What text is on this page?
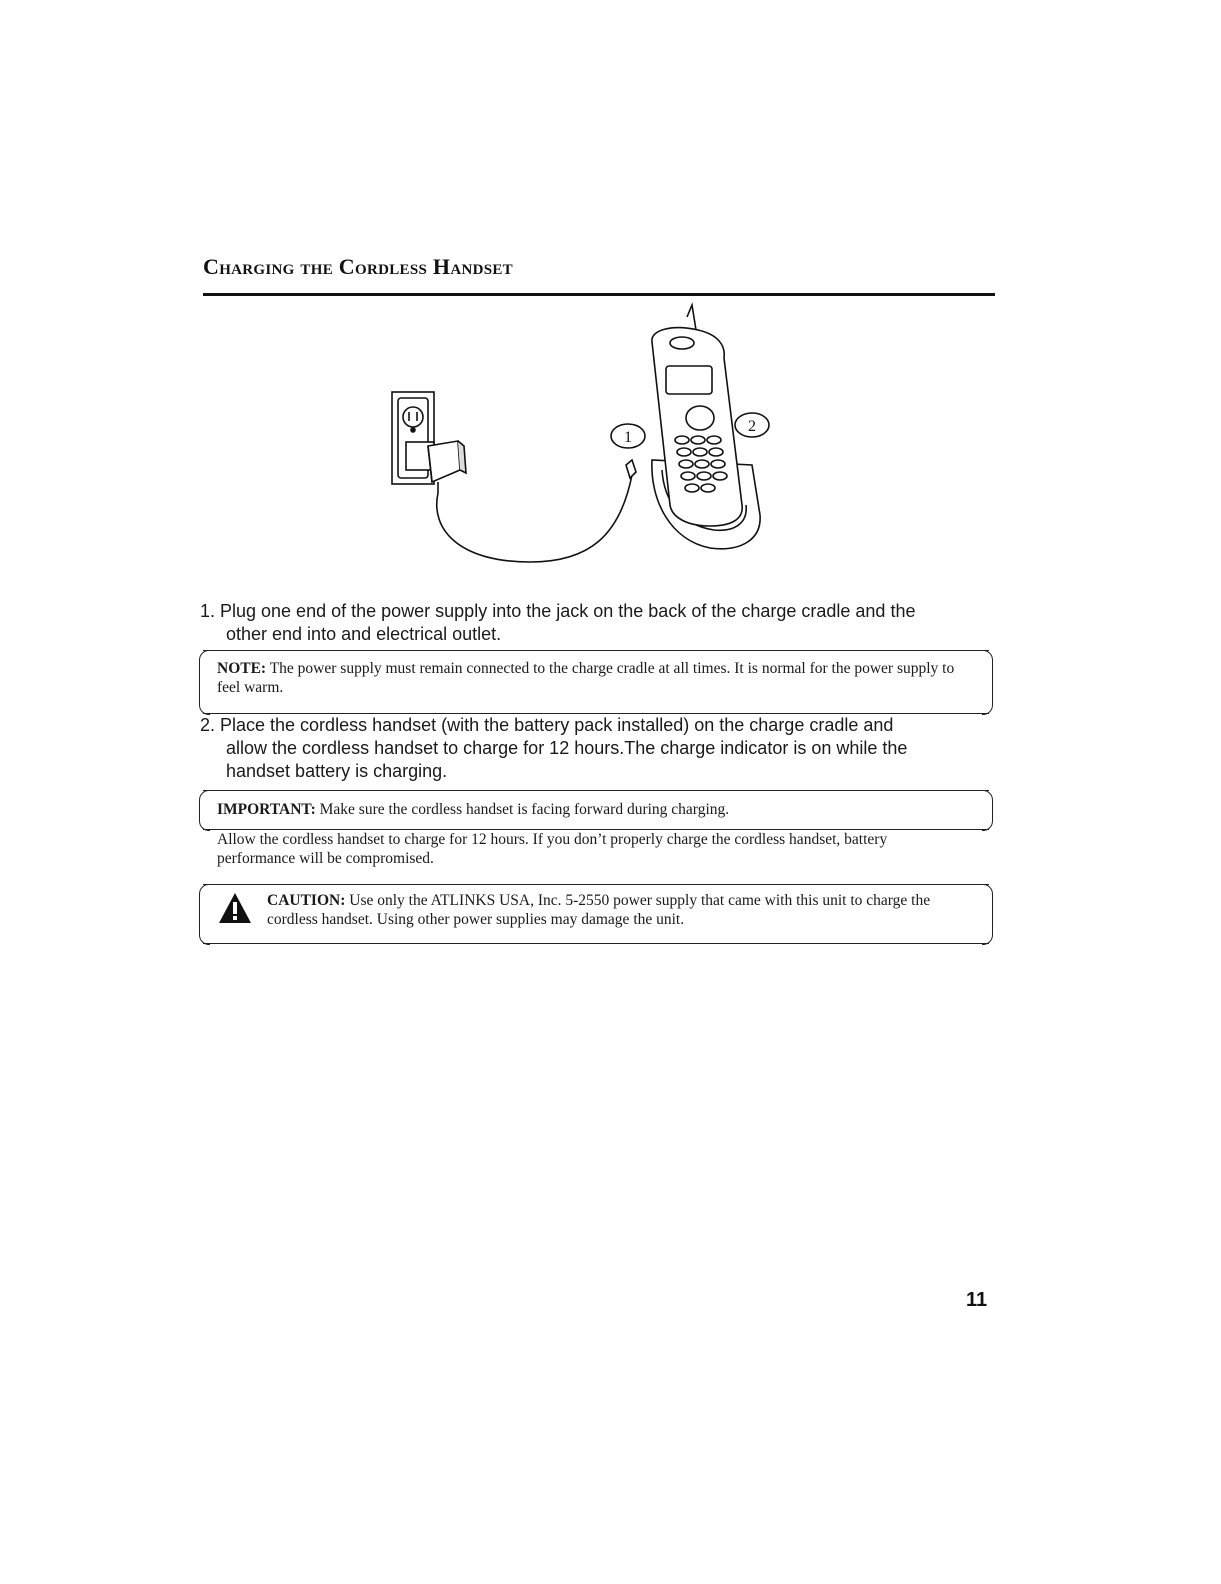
Charging the Cordless Handset
1
2
1. Plug one end of the power supply into the jack on the back of the charge cradle and the
other end into and electrical outlet.
NOTE: The power supply must remain connected to the charge cradle at all times. It is normal for the power supply to feel warm.
2. Place the cordless handset (with the battery pack installed) on the charge cradle and
allow the cordless handset to charge for 12 hours.The charge indicator is on while the
handset battery is charging.
IMPORTANT: Make sure the cordless handset is facing forward during charging.
Allow the cordless handset to charge for 12 hours. If you don’t properly charge the cordless handset, battery performance will be compromised.
CAUTION: Use only the ATLINKS USA, Inc. 5-2550 power supply that came with this unit to charge the cordless handset. Using other power supplies may damage the unit.
11
